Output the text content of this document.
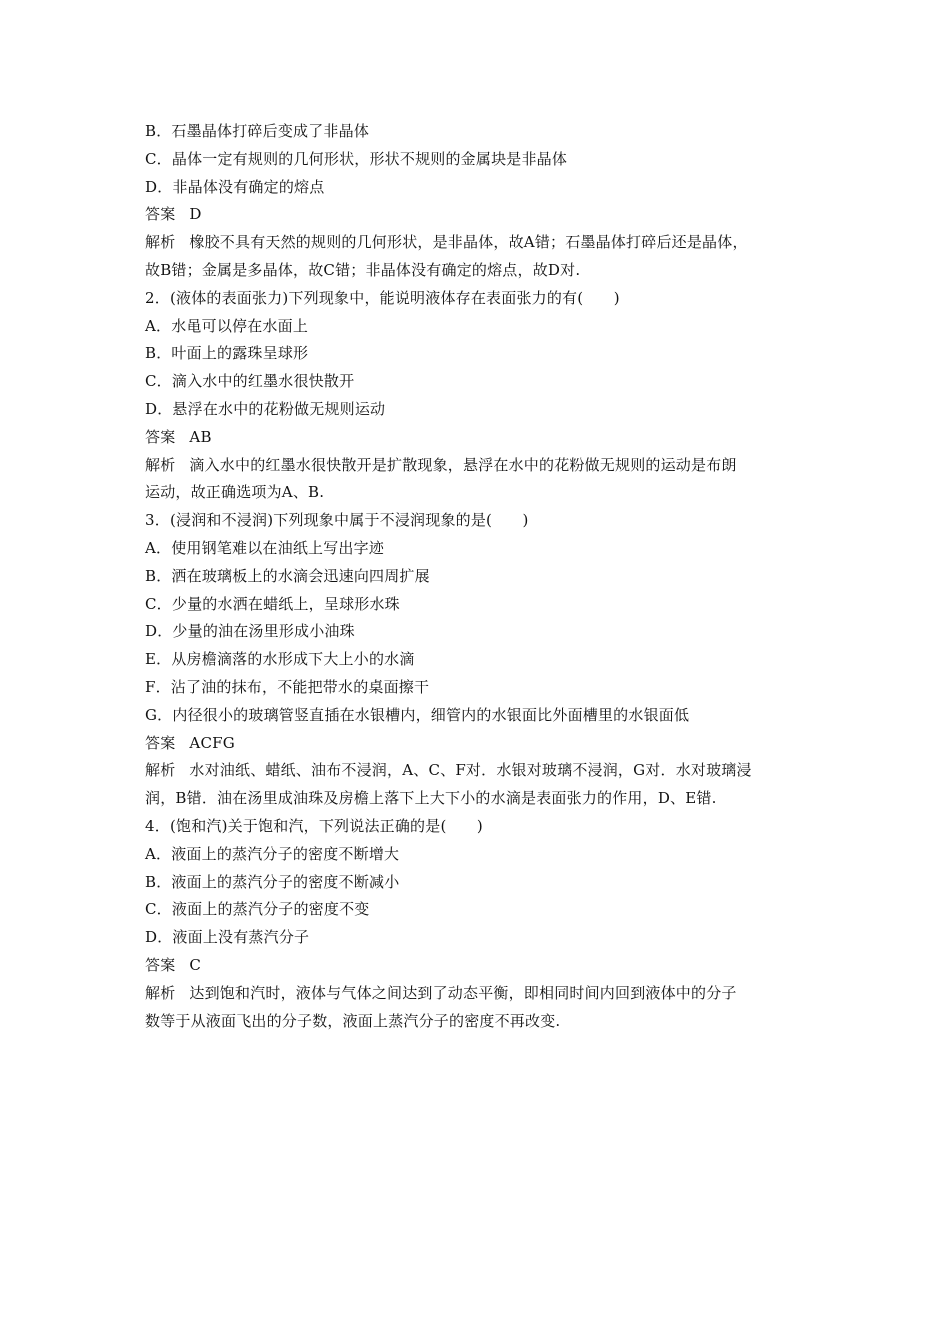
B．石墨晶体打碎后变成了非晶体
C．晶体一定有规则的几何形状，形状不规则的金属块是非晶体
D．非晶体没有确定的熔点
答案 D
解析 橡胶不具有天然的规则的几何形状，是非晶体，故A错；石墨晶体打碎后还是晶体，
故B错；金属是多晶体，故C错；非晶体没有确定的熔点，故D对.
2．(液体的表面张力)下列现象中，能说明液体存在表面张力的有(　　)
A．水黾可以停在水面上
B．叶面上的露珠呈球形
C．滴入水中的红墨水很快散开
D．悬浮在水中的花粉做无规则运动
答案 AB
解析 滴入水中的红墨水很快散开是扩散现象，悬浮在水中的花粉做无规则的运动是布朗
运动，故正确选项为A、B.
3．(浸润和不浸润)下列现象中属于不浸润现象的是(　　)
A．使用钢笔难以在油纸上写出字迹
B．洒在玻璃板上的水滴会迅速向四周扩展
C．少量的水洒在蜡纸上，呈球形水珠
D．少量的油在汤里形成小油珠
E．从房檐滴落的水形成下大上小的水滴
F．沾了油的抹布，不能把带水的桌面擦干
G．内径很小的玻璃管竖直插在水银槽内，细管内的水银面比外面槽里的水银面低
答案 ACFG
解析 水对油纸、蜡纸、油布不浸润，A、C、F对．水银对玻璃不浸润，G对．水对玻璃浸
润，B错．油在汤里成油珠及房檐上落下上大下小的水滴是表面张力的作用，D、E错.
4．(饱和汽)关于饱和汽，下列说法正确的是(　　)
A．液面上的蒸汽分子的密度不断增大
B．液面上的蒸汽分子的密度不断减小
C．液面上的蒸汽分子的密度不变
D．液面上没有蒸汽分子
答案 C
解析 达到饱和汽时，液体与气体之间达到了动态平衡，即相同时间内回到液体中的分子
数等于从液面飞出的分子数，液面上蒸汽分子的密度不再改变.
